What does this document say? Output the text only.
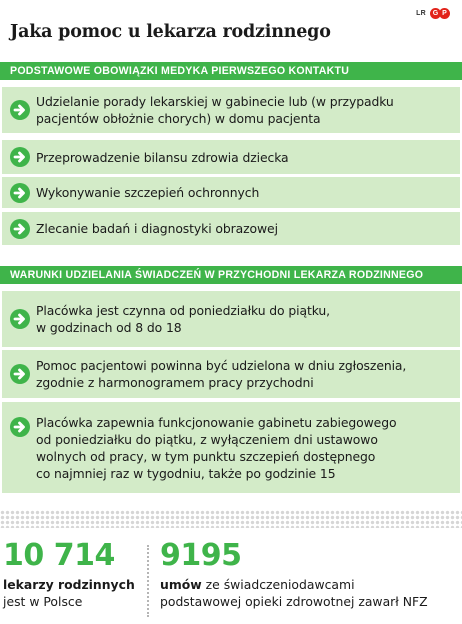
LR G P
Jaka pomoc u lekarza rodzinnego
PODSTAWOWE OBOWIĄZKI MEDYKA PIERWSZEGO KONTAKTU
Udzielanie porady lekarskiej w gabinecie lub (w przypadku
pacjentów obłożnie chorych) w domu pacjenta
Przeprowadzenie bilansu zdrowia dziecka
Wykonywanie szczepień ochronnych
Zlecanie badań i diagnostyki obrazowej
WARUNKI UDZIELANIA ŚWIADCZEŃ W PRZYCHODNI LEKARZA RODZINNEGO
Placówka jest czynna od poniedziałku do piątku,
w godzinach od 8 do 18
Pomoc pacjentowi powinna być udzielona w dniu zgłoszenia,
zgodnie z harmonogramem pracy przychodni
Placówka zapewnia funkcjonowanie gabinetu zabiegowego
od poniedziałku do piątku, z wyłączeniem dni ustawowo
wolnych od pracy, w tym punktu szczepień dostępnego
co najmniej raz w tygodniu, także po godzinie 15
10 714
lekarzy rodzinnych
jest w Polsce
9195
umów ze świadczeniodawcami
podstawowej opieki zdrowotnej zawarł NFZ
